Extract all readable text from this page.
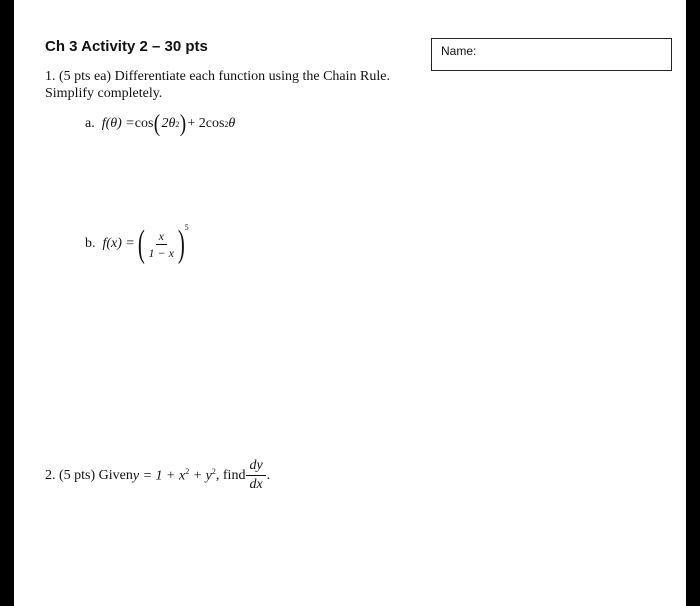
Ch 3 Activity 2 – 30 pts	Name:
1. (5 pts ea) Differentiate each function using the Chain Rule.
Simplify completely.
a. f(θ) = cos ( 2θ 2 ) + 2 cos 2 θ
b. f(x) = ( $\frac{x}{1 - x}$ ) 5
2. (5 pts) Given $y = 1 + x^2 + y^2$ , find $\frac{dy}{dx}$ .
